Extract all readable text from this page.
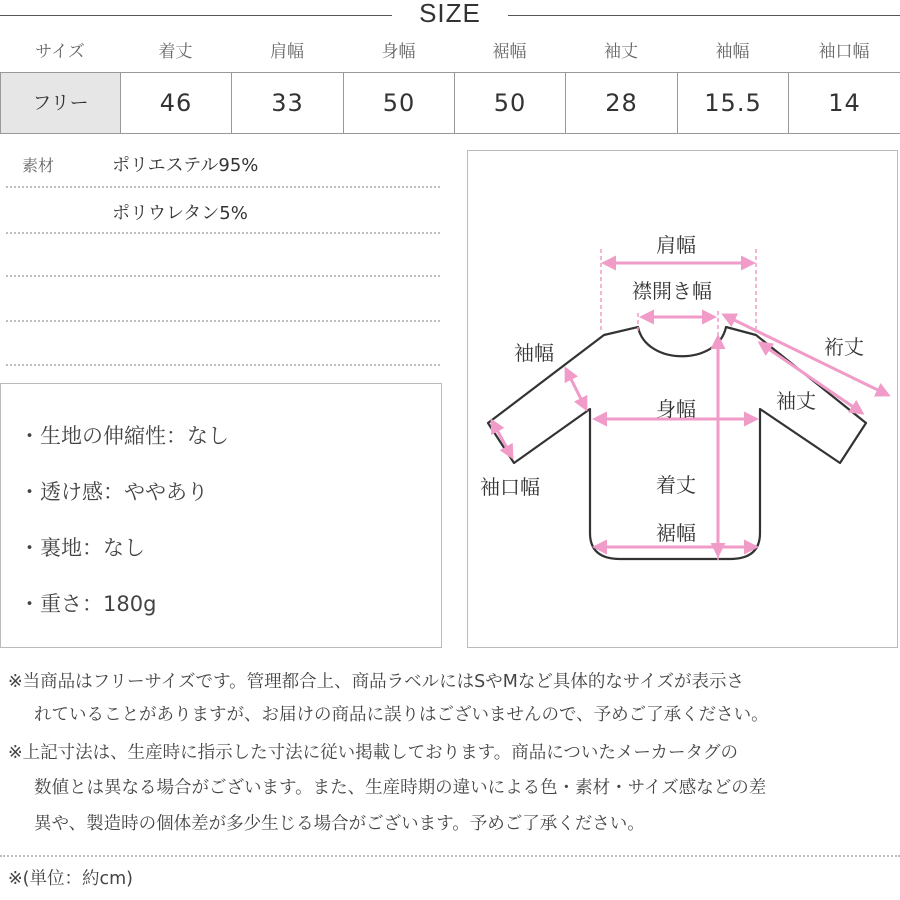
SIZE
サイズ	着丈	肩幅	身幅	裾幅	袖丈	袖幅	袖口幅
フリー	46	33	50	50	28	15.5	14
素材	ポリエステル95%
ポリウレタン5%
・生地の伸縮性：なし
・透け感：ややあり
・裏地：なし
・重さ：180g
肩幅
襟開き幅
袖幅	裄丈
袖丈
身幅
着丈
袖口幅
裾幅
※当商品はフリーサイズです。管理都合上、商品ラベルにはSやMなど具体的なサイズが表示さ
れていることがありますが、お届けの商品に誤りはございませんので、予めご了承ください。
※上記寸法は、生産時に指示した寸法に従い掲載しております。商品についたメーカータグの
数値とは異なる場合がございます。また、生産時期の違いによる色・素材・サイズ感などの差
異や、製造時の個体差が多少生じる場合がございます。予めご了承ください。
※(単位：約cm)
